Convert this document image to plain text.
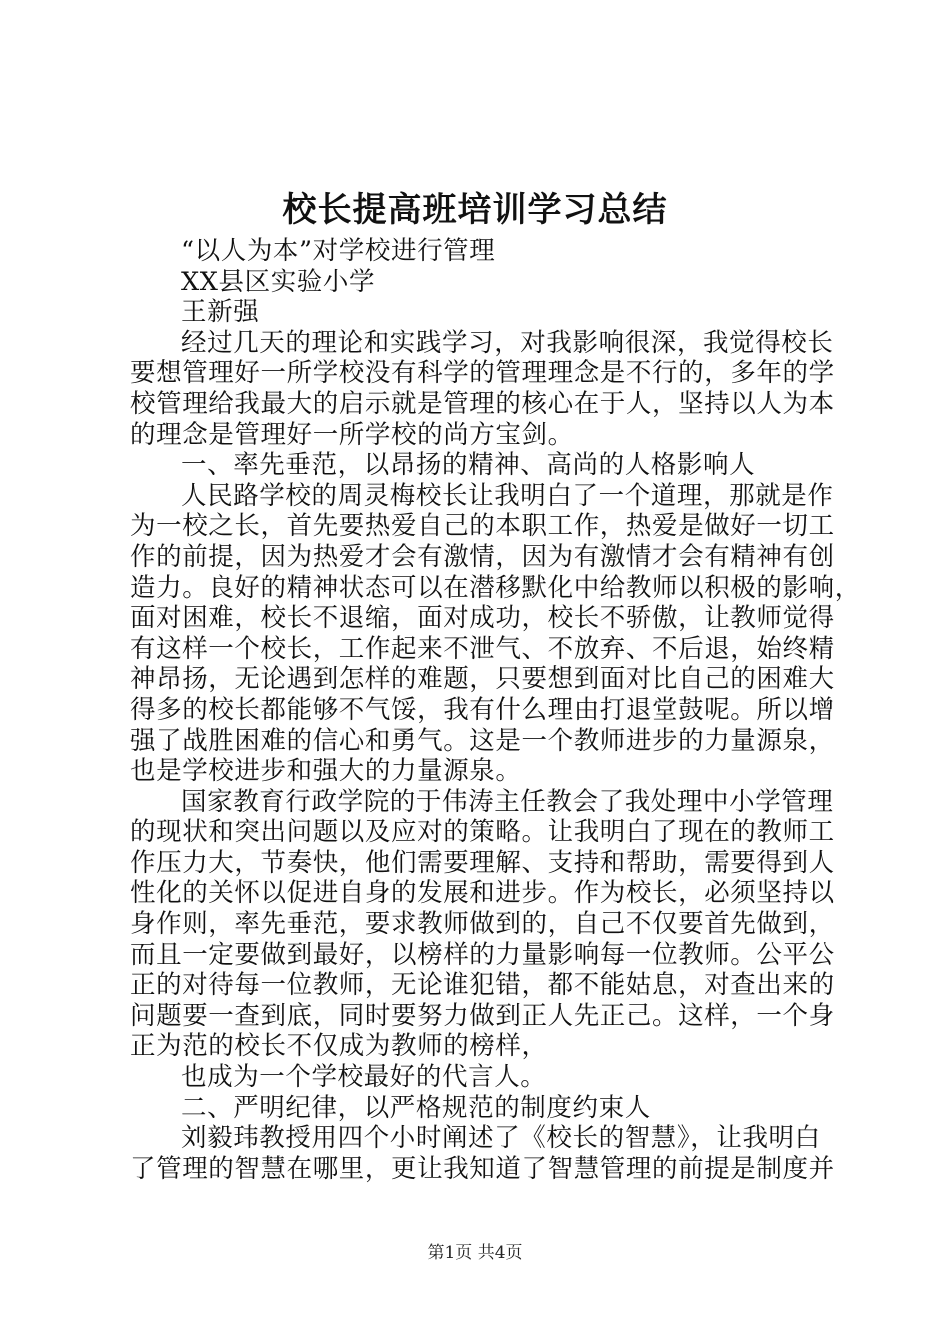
校长提高班培训学习总结
“以人为本”对学校进行管理
XX县区实验小学
王新强
经过几天的理论和实践学习，对我影响很深，我觉得校长
要想管理好一所学校没有科学的管理理念是不行的，多年的学
校管理给我最大的启示就是管理的核心在于人，坚持以人为本
的理念是管理好一所学校的尚方宝剑。
一、率先垂范，以昂扬的精神、高尚的人格影响人
人民路学校的周灵梅校长让我明白了一个道理，那就是作
为一校之长，首先要热爱自己的本职工作，热爱是做好一切工
作的前提，因为热爱才会有激情，因为有激情才会有精神有创
造力。良好的精神状态可以在潜移默化中给教师以积极的影响，
面对困难，校长不退缩，面对成功，校长不骄傲，让教师觉得
有这样一个校长，工作起来不泄气、不放弃、不后退，始终精
神昂扬，无论遇到怎样的难题，只要想到面对比自己的困难大
得多的校长都能够不气馁，我有什么理由打退堂鼓呢。所以增
强了战胜困难的信心和勇气。这是一个教师进步的力量源泉，
也是学校进步和强大的力量源泉。
国家教育行政学院的于伟涛主任教会了我处理中小学管理
的现状和突出问题以及应对的策略。让我明白了现在的教师工
作压力大，节奏快，他们需要理解、支持和帮助，需要得到人
性化的关怀以促进自身的发展和进步。作为校长，必须坚持以
身作则，率先垂范，要求教师做到的，自己不仅要首先做到，
而且一定要做到最好，以榜样的力量影响每一位教师。公平公
正的对待每一位教师，无论谁犯错，都不能姑息，对查出来的
问题要一查到底，同时要努力做到正人先正己。这样，一个身
正为范的校长不仅成为教师的榜样，
也成为一个学校最好的代言人。
二、严明纪律，以严格规范的制度约束人
刘毅玮教授用四个小时阐述了《校长的智慧》，让我明白
了管理的智慧在哪里，更让我知道了智慧管理的前提是制度并
第1页 共4页
